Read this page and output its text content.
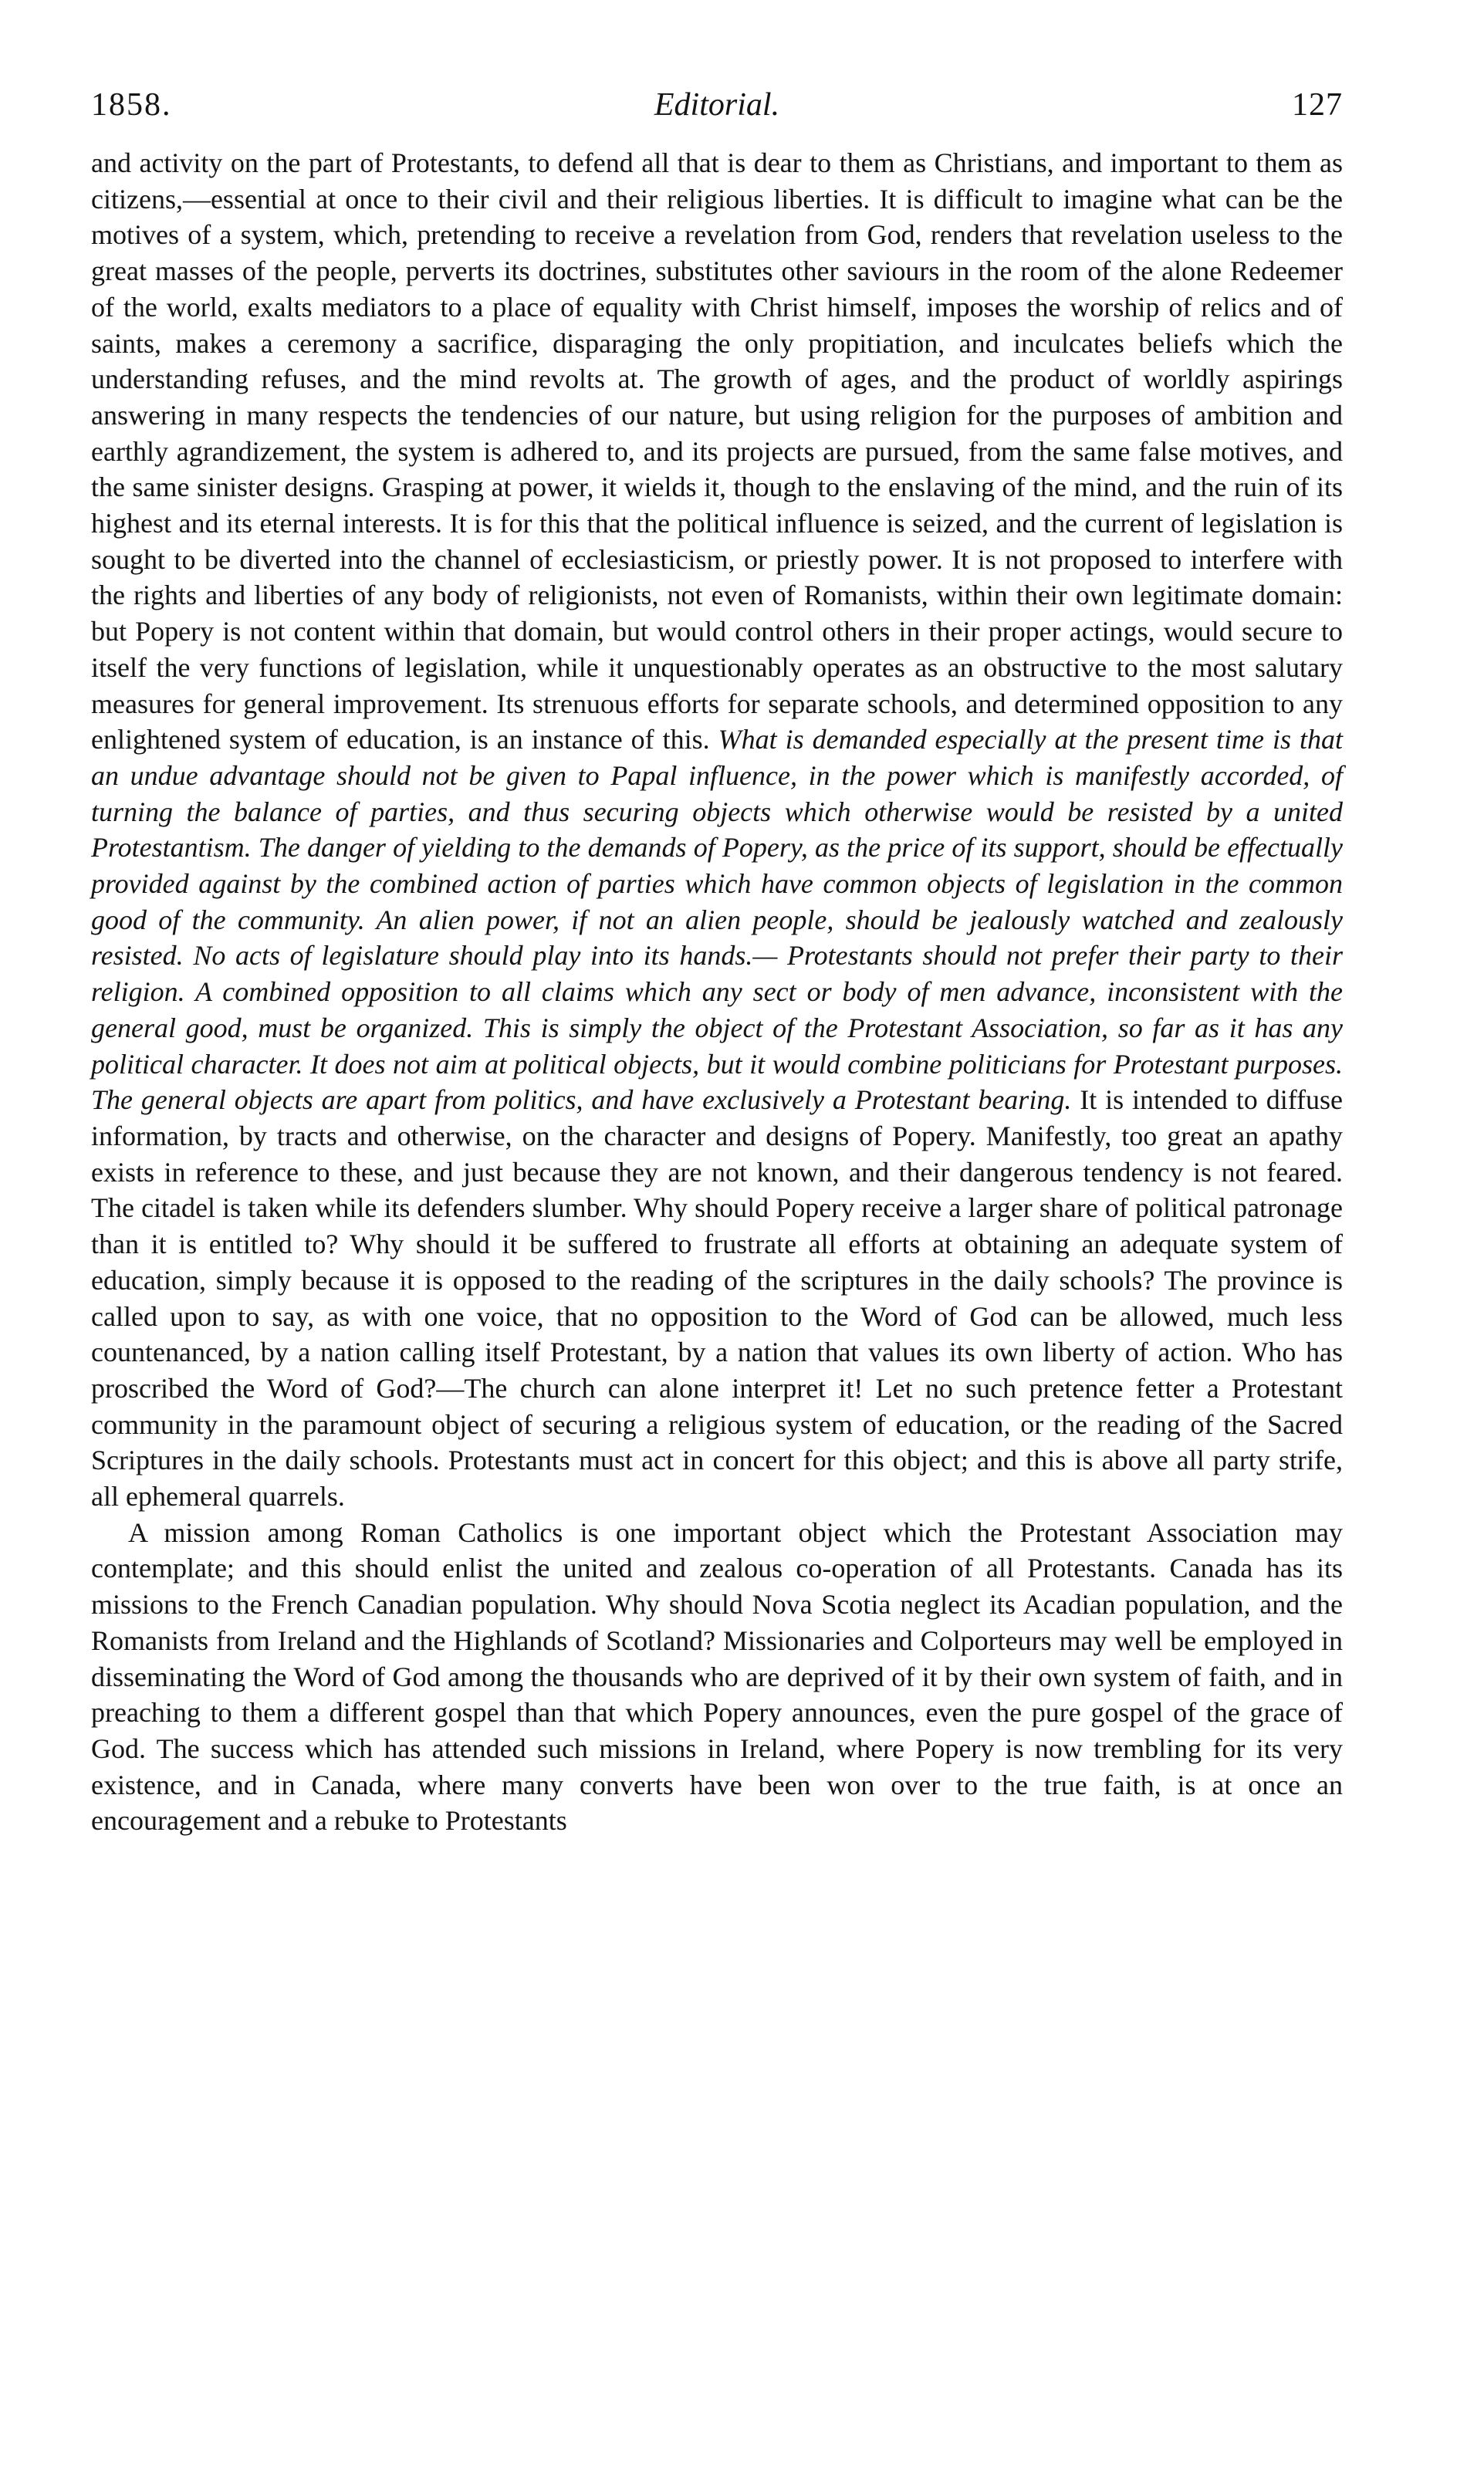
1858.	Editorial.	127

and activity on the part of Protestants, to defend all that is dear to them as Christians, and important to them as citizens,—essential at once to their civil and their religious liberties. It is difficult to imagine what can be the motives of a system, which, pretending to receive a revelation from God, renders that revelation useless to the great masses of the people, perverts its doctrines, substitutes other saviours in the room of the alone Redeemer of the world, exalts mediators to a place of equality with Christ himself, imposes the worship of relics and of saints, makes a ceremony a sacrifice, disparaging the only propitiation, and inculcates beliefs which the understanding refuses, and the mind revolts at. The growth of ages, and the product of worldly aspirings answering in many respects the tendencies of our nature, but using religion for the purposes of ambition and earthly agrandizement, the system is adhered to, and its projects are pursued, from the same false motives, and the same sinister designs. Grasping at power, it wields it, though to the enslaving of the mind, and the ruin of its highest and its eternal interests. It is for this that the political influence is seized, and the current of legislation is sought to be diverted into the channel of ecclesiasticism, or priestly power. It is not proposed to interfere with the rights and liberties of any body of religionists, not even of Romanists, within their own legitimate domain: but Popery is not content within that domain, but would control others in their proper actings, would secure to itself the very functions of legislation, while it unquestionably operates as an obstructive to the most salutary measures for general improvement. Its strenuous efforts for separate schools, and determined opposition to any enlightened system of education, is an instance of this. What is demanded especially at the present time is that an undue advantage should not be given to Papal influence, in the power which is manifestly accorded, of turning the balance of parties, and thus securing objects which otherwise would be resisted by a united Protestantism. The danger of yielding to the demands of Popery, as the price of its support, should be effectually provided against by the combined action of parties which have common objects of legislation in the common good of the community. An alien power, if not an alien people, should be jealously watched and zealously resisted. No acts of legislature should play into its hands.— Protestants should not prefer their party to their religion. A combined opposition to all claims which any sect or body of men advance, inconsistent with the general good, must be organized. This is simply the object of the Protestant Association, so far as it has any political character. It does not aim at political objects, but it would combine politicians for Protestant purposes. The general objects are apart from politics, and have exclusively a Protestant bearing. It is intended to diffuse information, by tracts and otherwise, on the character and designs of Popery. Manifestly, too great an apathy exists in reference to these, and just because they are not known, and their dangerous tendency is not feared. The citadel is taken while its defenders slumber. Why should Popery receive a larger share of political patronage than it is entitled to? Why should it be suffered to frustrate all efforts at obtaining an adequate system of education, simply because it is opposed to the reading of the scriptures in the daily schools? The province is called upon to say, as with one voice, that no opposition to the Word of God can be allowed, much less countenanced, by a nation calling itself Protestant, by a nation that values its own liberty of action. Who has proscribed the Word of God?—The church can alone interpret it! Let no such pretence fetter a Protestant community in the paramount object of securing a religious system of education, or the reading of the Sacred Scriptures in the daily schools. Protestants must act in concert for this object; and this is above all party strife, all ephemeral quarrels.

A mission among Roman Catholics is one important object which the Protestant Association may contemplate; and this should enlist the united and zealous co-operation of all Protestants. Canada has its missions to the French Canadian population. Why should Nova Scotia neglect its Acadian population, and the Romanists from Ireland and the Highlands of Scotland? Missionaries and Colporteurs may well be employed in disseminating the Word of God among the thousands who are deprived of it by their own system of faith, and in preaching to them a different gospel than that which Popery announces, even the pure gospel of the grace of God. The success which has attended such missions in Ireland, where Popery is now trembling for its very existence, and in Canada, where many converts have been won over to the true faith, is at once an encouragement and a rebuke to Protestants
